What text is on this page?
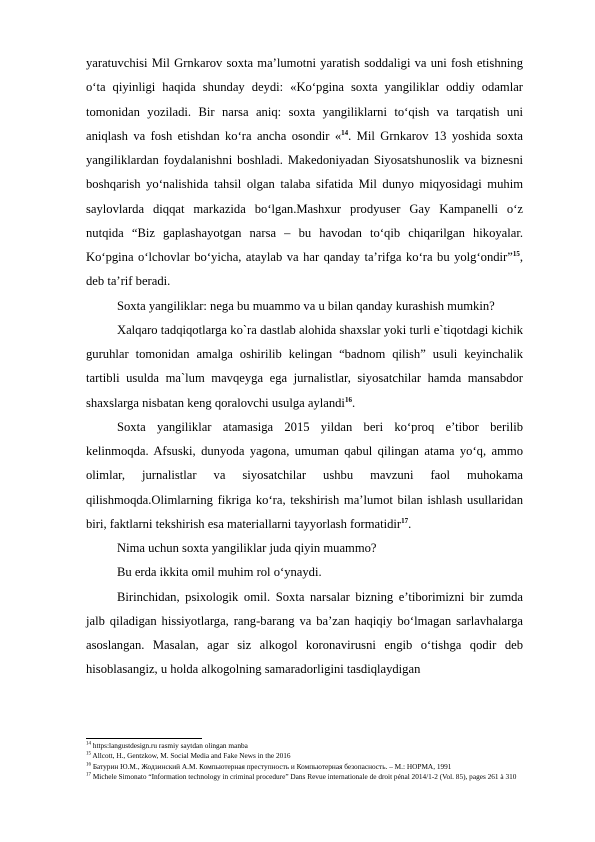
yaratuvchisi Mil Grnkarov soxta ma’lumotni yaratish soddaligi va uni fosh etishning o‘ta qiyinligi haqida shunday deydi: «Ko‘pgina soxta yangiliklar oddiy odamlar tomonidan yoziladi. Bir narsa aniq: soxta yangiliklarni to‘qish va tarqatish uni aniqlash va fosh etishdan ko‘ra ancha osondir «$^{14}$. Mil Grnkarov 13 yoshida soxta yangiliklardan foydalanishni boshladi. Makedoniyadan Siyosatshunoslik va biznesni boshqarish yo‘nalishida tahsil olgan talaba sifatida Mil dunyo miqyosidagi muhim saylovlarda diqqat markazida bo‘lgan.Mashxur prodyuser Gay Kampanelli o‘z nutqida “Biz gaplashayotgan narsa – bu havodan to‘qib chiqarilgan hikoyalar. Ko‘pgina o‘lchovlar bo‘yicha, ataylab va har qanday ta’rifga ko‘ra bu yolg‘ondir”$^{15}$, deb ta’rif beradi.

Soxta yangiliklar: nega bu muammo va u bilan qanday kurashish mumkin?

Xalqaro tadqiqotlarga ko`ra dastlab alohida shaxslar yoki turli e`tiqotdagi kichik guruhlar tomonidan amalga oshirilib kelingan “badnom qilish” usuli keyinchalik tartibli usulda ma`lum mavqeyga ega jurnalistlar, siyosatchilar hamda mansabdor shaxslarga nisbatan keng qoralovchi usulga aylandi$^{16}$.

Soxta yangiliklar atamasiga 2015 yildan beri ko‘proq e’tibor berilib kelinmoqda. Afsuski, dunyoda yagona, umuman qabul qilingan atama yo‘q, ammo olimlar, jurnalistlar va siyosatchilar ushbu mavzuni faol muhokama qilishmoqda.Olimlarning fikriga ko‘ra, tekshirish ma’lumot bilan ishlash usullaridan biri, faktlarni tekshirish esa materiallarni tayyorlash formatidir$^{17}$.

Nima uchun soxta yangiliklar juda qiyin muammo?

Bu erda ikkita omil muhim rol o‘ynaydi.

Birinchidan, psixologik omil. Soxta narsalar bizning e’tiborimizni bir zumda jalb qiladigan hissiyotlarga, rang-barang va ba’zan haqiqiy bo‘lmagan sarlavhalarga asoslangan. Masalan, agar siz alkogol koronavirusni engib o‘tishga qodir deb hisoblasangiz, u holda alkogolning samaradorligini tasdiqlaydigan

$^{14}$ https:langustdesign.ru rasmiy saytdan olingan manba

$^{15}$ Allcott, H., Gentzkow, M. Social Media and Fake News in the 2016

$^{16}$ Батурин Ю.М., Жодзинский А.М. Компьютерная преступность и Компьютерная безопасность. – М.: НОРМА, 1991

$^{17}$ Michele Simonato “Information technology in criminal procedure” Dans Revue internationale de droit pénal 2014/1-2 (Vol. 85), pages 261 à 310
